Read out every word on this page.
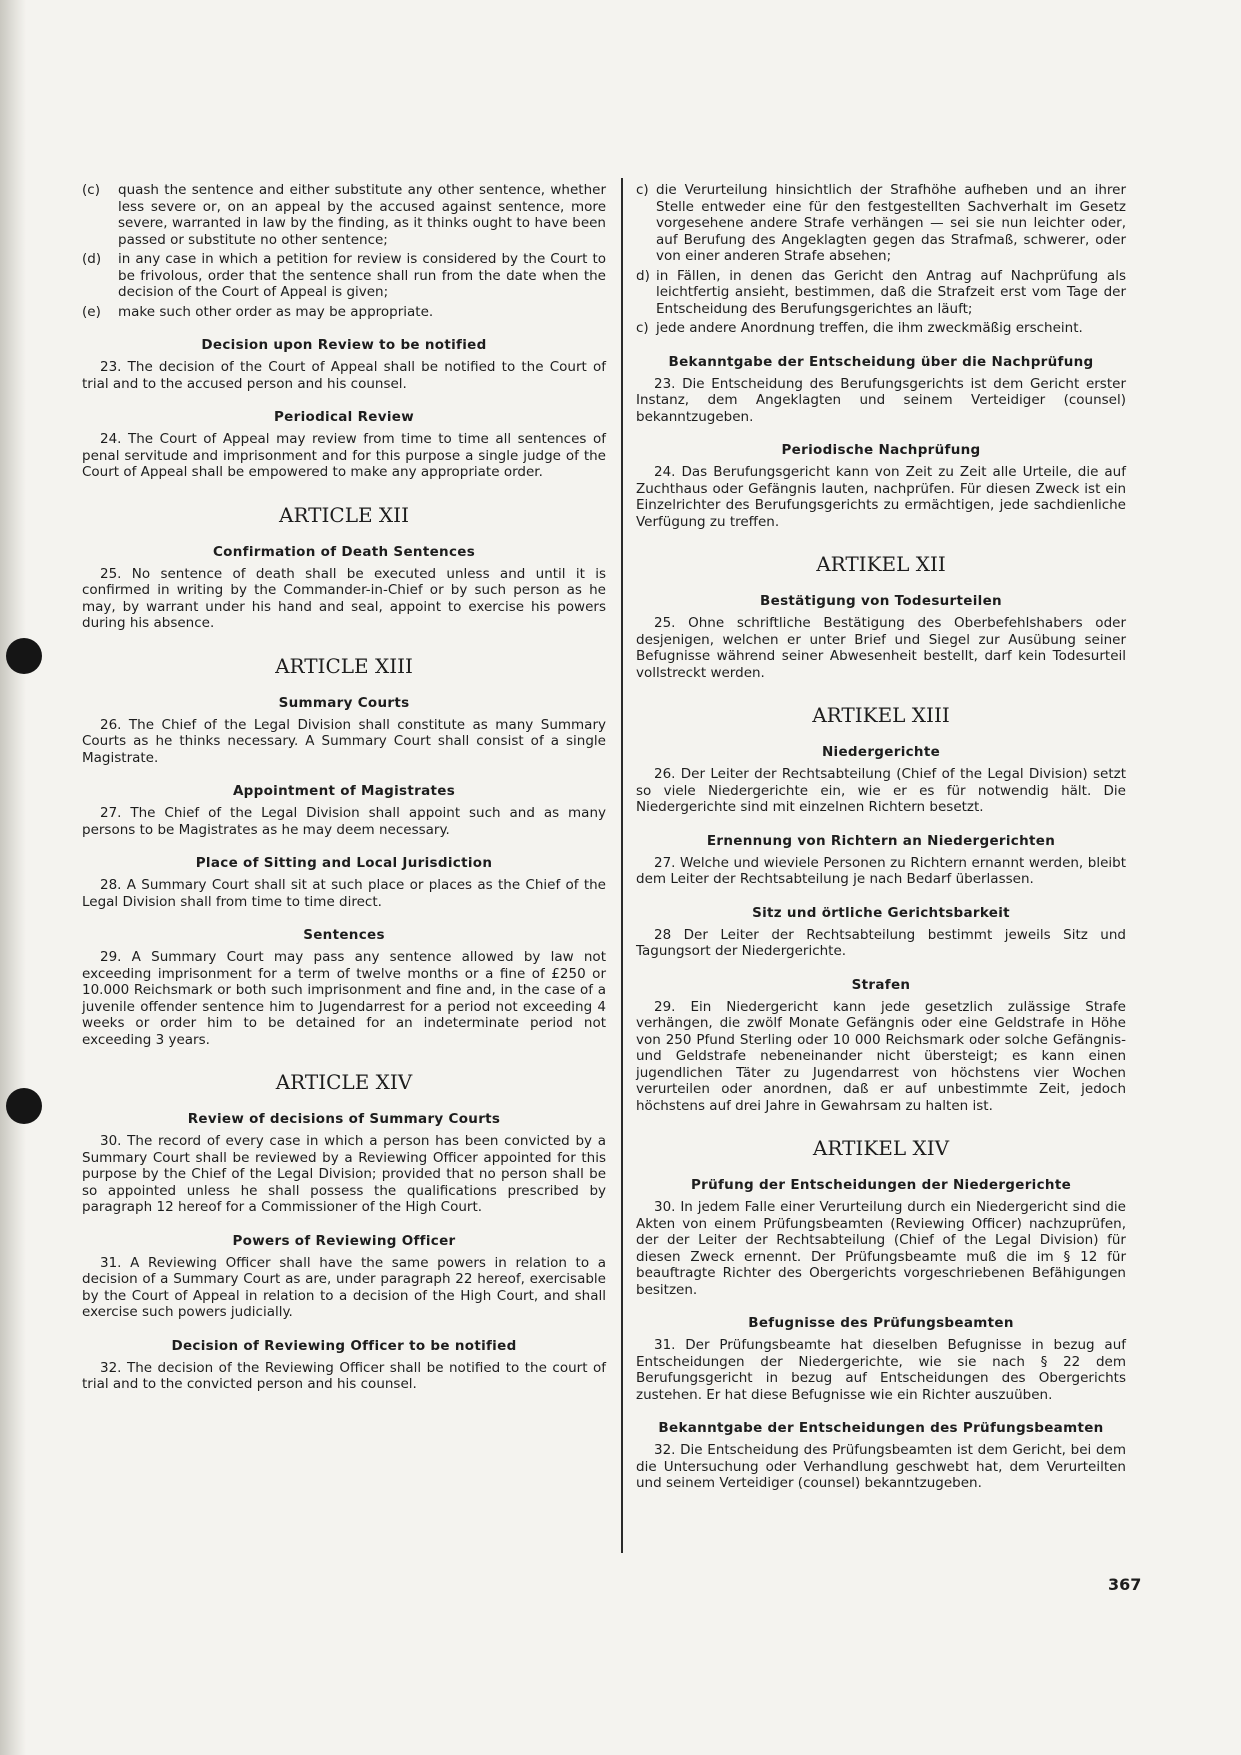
(c)	quash the sentence and either substitute any other sentence, whether less severe or, on an appeal by the accused against sentence, more severe, warranted in law by the finding, as it thinks ought to have been passed or substitute no other sentence;
(d)	in any case in which a petition for review is considered by the Court to be frivolous, order that the sentence shall run from the date when the decision of the Court of Appeal is given;
(e)	make such other order as may be appropriate.
Decision upon Review to be notified

23. The decision of the Court of Appeal shall be notified to the Court of trial and to the accused person and his counsel.

Periodical Review

24. The Court of Appeal may review from time to time all sentences of penal servitude and imprisonment and for this purpose a single judge of the Court of Appeal shall be empowered to make any appropriate order.

ARTICLE XII
Confirmation of Death Sentences

25. No sentence of death shall be executed unless and until it is confirmed in writing by the Commander-in-Chief or by such person as he may, by warrant under his hand and seal, appoint to exercise his powers during his absence.

ARTICLE XIII
Summary Courts

26. The Chief of the Legal Division shall constitute as many Summary Courts as he thinks necessary. A Summary Court shall consist of a single Magistrate.

Appointment of Magistrates

27. The Chief of the Legal Division shall appoint such and as many persons to be Magistrates as he may deem necessary.

Place of Sitting and Local Jurisdiction

28. A Summary Court shall sit at such place or places as the Chief of the Legal Division shall from time to time direct.

Sentences

29. A Summary Court may pass any sentence allowed by law not exceeding imprisonment for a term of twelve months or a fine of £250 or 10.000 Reichsmark or both such imprisonment and fine and, in the case of a juvenile offender sentence him to Jugendarrest for a period not exceeding 4 weeks or order him to be detained for an indeterminate period not exceeding 3 years.

ARTICLE XIV
Review of decisions of Summary Courts

30. The record of every case in which a person has been convicted by a Summary Court shall be reviewed by a Reviewing Officer appointed for this purpose by the Chief of the Legal Division; provided that no person shall be so appointed unless he shall possess the qualifications prescribed by paragraph 12 hereof for a Commissioner of the High Court.

Powers of Reviewing Officer

31. A Reviewing Officer shall have the same powers in relation to a decision of a Summary Court as are, under paragraph 22 hereof, exercisable by the Court of Appeal in relation to a decision of the High Court, and shall exercise such powers judicially.

Decision of Reviewing Officer to be notified

32. The decision of the Reviewing Officer shall be notified to the court of trial and to the convicted person and his counsel.

c) die Verurteilung hinsichtlich der Strafhöhe aufheben und an ihrer Stelle entweder eine für den festgestellten Sachverhalt im Gesetz vorgesehene andere Strafe verhängen — sei sie nun leichter oder, auf Berufung des Angeklagten gegen das Strafmaß, schwerer, oder von einer anderen Strafe absehen;
d) in Fällen, in denen das Gericht den Antrag auf Nachprüfung als leichtfertig ansieht, bestimmen, daß die Strafzeit erst vom Tage der Entscheidung des Berufungsgerichtes an läuft;
c) jede andere Anordnung treffen, die ihm zweckmäßig erscheint.
Bekanntgabe der Entscheidung über die Nachprüfung

23. Die Entscheidung des Berufungsgerichts ist dem Gericht erster Instanz, dem Angeklagten und seinem Verteidiger (counsel) bekanntzugeben.

Periodische Nachprüfung

24. Das Berufungsgericht kann von Zeit zu Zeit alle Urteile, die auf Zuchthaus oder Gefängnis lauten, nachprüfen. Für diesen Zweck ist ein Einzelrichter des Berufungsgerichts zu ermächtigen, jede sachdienliche Verfügung zu treffen.

ARTIKEL XII
Bestätigung von Todesurteilen

25. Ohne schriftliche Bestätigung des Oberbefehlshabers oder desjenigen, welchen er unter Brief und Siegel zur Ausübung seiner Befugnisse während seiner Abwesenheit bestellt, darf kein Todesurteil vollstreckt werden.

ARTIKEL XIII
Niedergerichte

26. Der Leiter der Rechtsabteilung (Chief of the Legal Division) setzt so viele Niedergerichte ein, wie er es für notwendig hält. Die Niedergerichte sind mit einzelnen Richtern besetzt.

Ernennung von Richtern an Niedergerichten

27. Welche und wieviele Personen zu Richtern ernannt werden, bleibt dem Leiter der Rechtsabteilung je nach Bedarf überlassen.

Sitz und örtliche Gerichtsbarkeit

28 Der Leiter der Rechtsabteilung bestimmt jeweils Sitz und Tagungsort der Niedergerichte.

Strafen

29. Ein Niedergericht kann jede gesetzlich zulässige Strafe verhängen, die zwölf Monate Gefängnis oder eine Geldstrafe in Höhe von 250 Pfund Sterling oder 10 000 Reichsmark oder solche Gefängnis- und Geldstrafe nebeneinander nicht übersteigt; es kann einen jugendlichen Täter zu Jugendarrest von höchstens vier Wochen verurteilen oder anordnen, daß er auf unbestimmte Zeit, jedoch höchstens auf drei Jahre in Gewahrsam zu halten ist.

ARTIKEL XIV
Prüfung der Entscheidungen der Niedergerichte

30. In jedem Falle einer Verurteilung durch ein Niedergericht sind die Akten von einem Prüfungsbeamten (Reviewing Officer) nachzuprüfen, der der Leiter der Rechtsabteilung (Chief of the Legal Division) für diesen Zweck ernennt. Der Prüfungsbeamte muß die im § 12 für beauftragte Richter des Obergerichts vorgeschriebenen Befähigungen besitzen.

Befugnisse des Prüfungsbeamten

31. Der Prüfungsbeamte hat dieselben Befugnisse in bezug auf Entscheidungen der Niedergerichte, wie sie nach § 22 dem Berufungsgericht in bezug auf Entscheidungen des Obergerichts zustehen. Er hat diese Befugnisse wie ein Richter auszuüben.

Bekanntgabe der Entscheidungen des Prüfungsbeamten

32. Die Entscheidung des Prüfungsbeamten ist dem Gericht, bei dem die Untersuchung oder Verhandlung geschwebt hat, dem Verurteilten und seinem Verteidiger (counsel) bekanntzugeben.

367
